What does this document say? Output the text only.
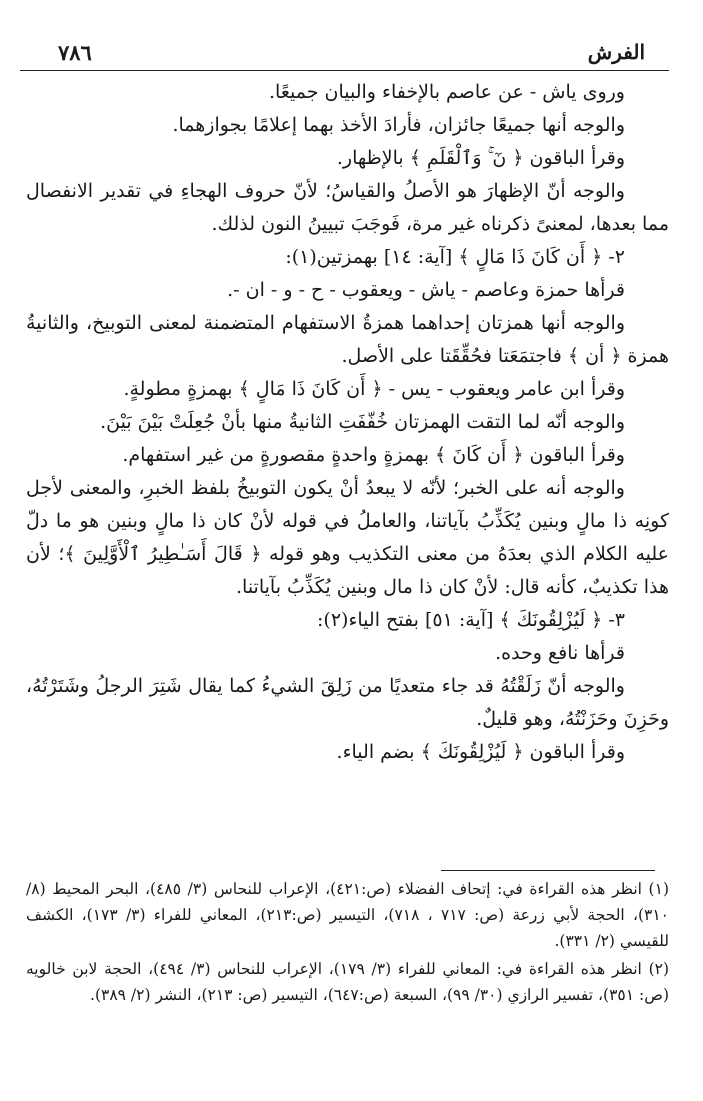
٧٨٦	الفرش

وروى ياش - عن عاصم بالإخفاء والبيان جميعًا.

والوجه أنها جميعًا جائزان، فأرادَ الأخذ بهما إعلامًا بجوازهما.

وقرأ الباقون ﴿ نٓ ۚ وَٱلْقَلَمِ ﴾ بالإظهار.

والوجه أنّ الإظهارَ هو الأصلُ والقياسُ؛ لأنّ حروف الهجاءِ في تقدير الانفصال مما بعدها، لمعنىً ذكرناه غير مرة، فَوجَبَ تبيينُ النون لذلك.

٢- ﴿ أَن كَانَ ذَا مَالٍ ﴾ [آية: ١٤] بهمزتين(١):

قرأها حمزة وعاصم - ياش - ويعقوب - ح - و - ان -.

والوجه أنها همزتان إحداهما همزةُ الاستفهام المتضمنة لمعنى التوبيخ، والثانيةُ همزة ﴿ أن ﴾ فاجتمَعَتا فحُقِّقَتا على الأصل.

وقرأ ابن عامر ويعقوب - يس - ﴿ أَن كَانَ ذَا مَالٍ ﴾ بهمزةٍ مطولةٍ.

والوجه أنّه لما التقت الهمزتان خُفّفَتِ الثانيةُ منها بأنْ جُعِلَتْ بَيْنَ بَيْنَ.

وقرأ الباقون ﴿ أَن كَانَ ﴾ بهمزةٍ واحدةٍ مقصورةٍ من غير استفهام.

والوجه أنه على الخبر؛ لأنّه لا يبعدُ أنْ يكون التوبيخُ بلفظ الخبرِ، والمعنى لأجل كونِه ذا مالٍ وبنين يُكَذِّبُ بآياتنا، والعاملُ في قوله لأنْ كان ذا مالٍ وبنين هو ما دلّ عليه الكلام الذي بعدَهُ من معنى التكذيب وهو قوله ﴿ قَالَ أَسَـٰطِيرُ ٱلْأَوَّلِينَ ﴾؛ لأن هذا تكذيبٌ، كأنه قال: لأنْ كان ذا مال وبنين يُكَذِّبُ بآياتنا.

٣- ﴿ لَيُزْلِقُونَكَ ﴾ [آية: ٥١] بفتح الياء(٢):

قرأها نافع وحده.

والوجه أنّ زَلَقْتُهُ قد جاء متعديًا من زَلِقَ الشيءُ كما يقال شَتِرَ الرجلُ وشَتَرْتُهُ، وحَزِنَ وحَزَنْتُهُ، وهو قليلٌ.

وقرأ الباقون ﴿ لَيُزْلِقُونَكَ ﴾ بضم الياء.

(١) انظر هذه القراءة في: إتحاف الفضلاء (ص:٤٢١)، الإعراب للنحاس (٣/ ٤٨٥)، البحر المحيط (٨/ ٣١٠)، الحجة لأبي زرعة (ص: ٧١٧ ، ٧١٨)، التيسير (ص:٢١٣)، المعاني للفراء (٣/ ١٧٣)، الكشف للقيسي (٢/ ٣٣١).

(٢) انظر هذه القراءة في: المعاني للفراء (٣/ ١٧٩)، الإعراب للنحاس (٣/ ٤٩٤)، الحجة لابن خالويه (ص: ٣٥١)، تفسير الرازي (٣٠/ ٩٩)، السبعة (ص:٦٤٧)، التيسير (ص: ٢١٣)، النشر (٢/ ٣٨٩).
